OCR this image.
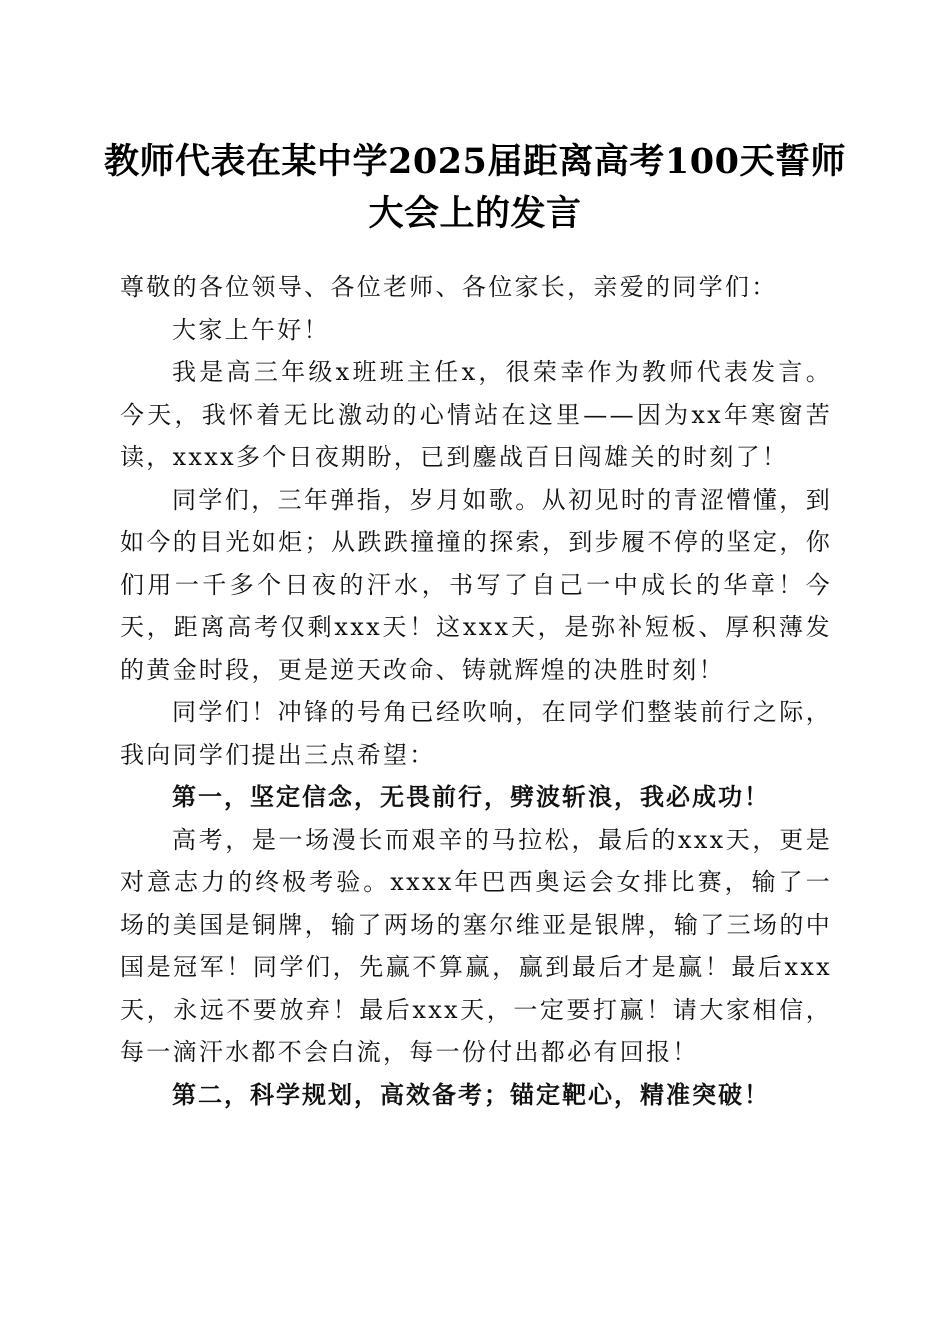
教师代表在某中学2025届距离高考100天誓师大会上的发言

尊敬的各位领导、各位老师、各位家长，亲爱的同学们：

大家上午好！

我是高三年级x班班主任x，很荣幸作为教师代表发言。今天，我怀着无比激动的心情站在这里——因为xx年寒窗苦读，xxxx多个日夜期盼，已到鏖战百日闯雄关的时刻了！

同学们，三年弹指，岁月如歌。从初见时的青涩懵懂，到如今的目光如炬；从跌跌撞撞的探索，到步履不停的坚定，你们用一千多个日夜的汗水，书写了自己一中成长的华章！今天，距离高考仅剩xxx天！这xxx天，是弥补短板、厚积薄发的黄金时段，更是逆天改命、铸就辉煌的决胜时刻！

同学们！冲锋的号角已经吹响，在同学们整装前行之际，我向同学们提出三点希望：

第一，坚定信念，无畏前行，劈波斩浪，我必成功！

高考，是一场漫长而艰辛的马拉松，最后的xxx天，更是对意志力的终极考验。xxxx年巴西奥运会女排比赛，输了一场的美国是铜牌，输了两场的塞尔维亚是银牌，输了三场的中国是冠军！同学们，先赢不算赢，赢到最后才是赢！最后xxx天，永远不要放弃！最后xxx天，一定要打赢！请大家相信，每一滴汗水都不会白流，每一份付出都必有回报！

第二，科学规划，高效备考；锚定靶心，精准突破！
